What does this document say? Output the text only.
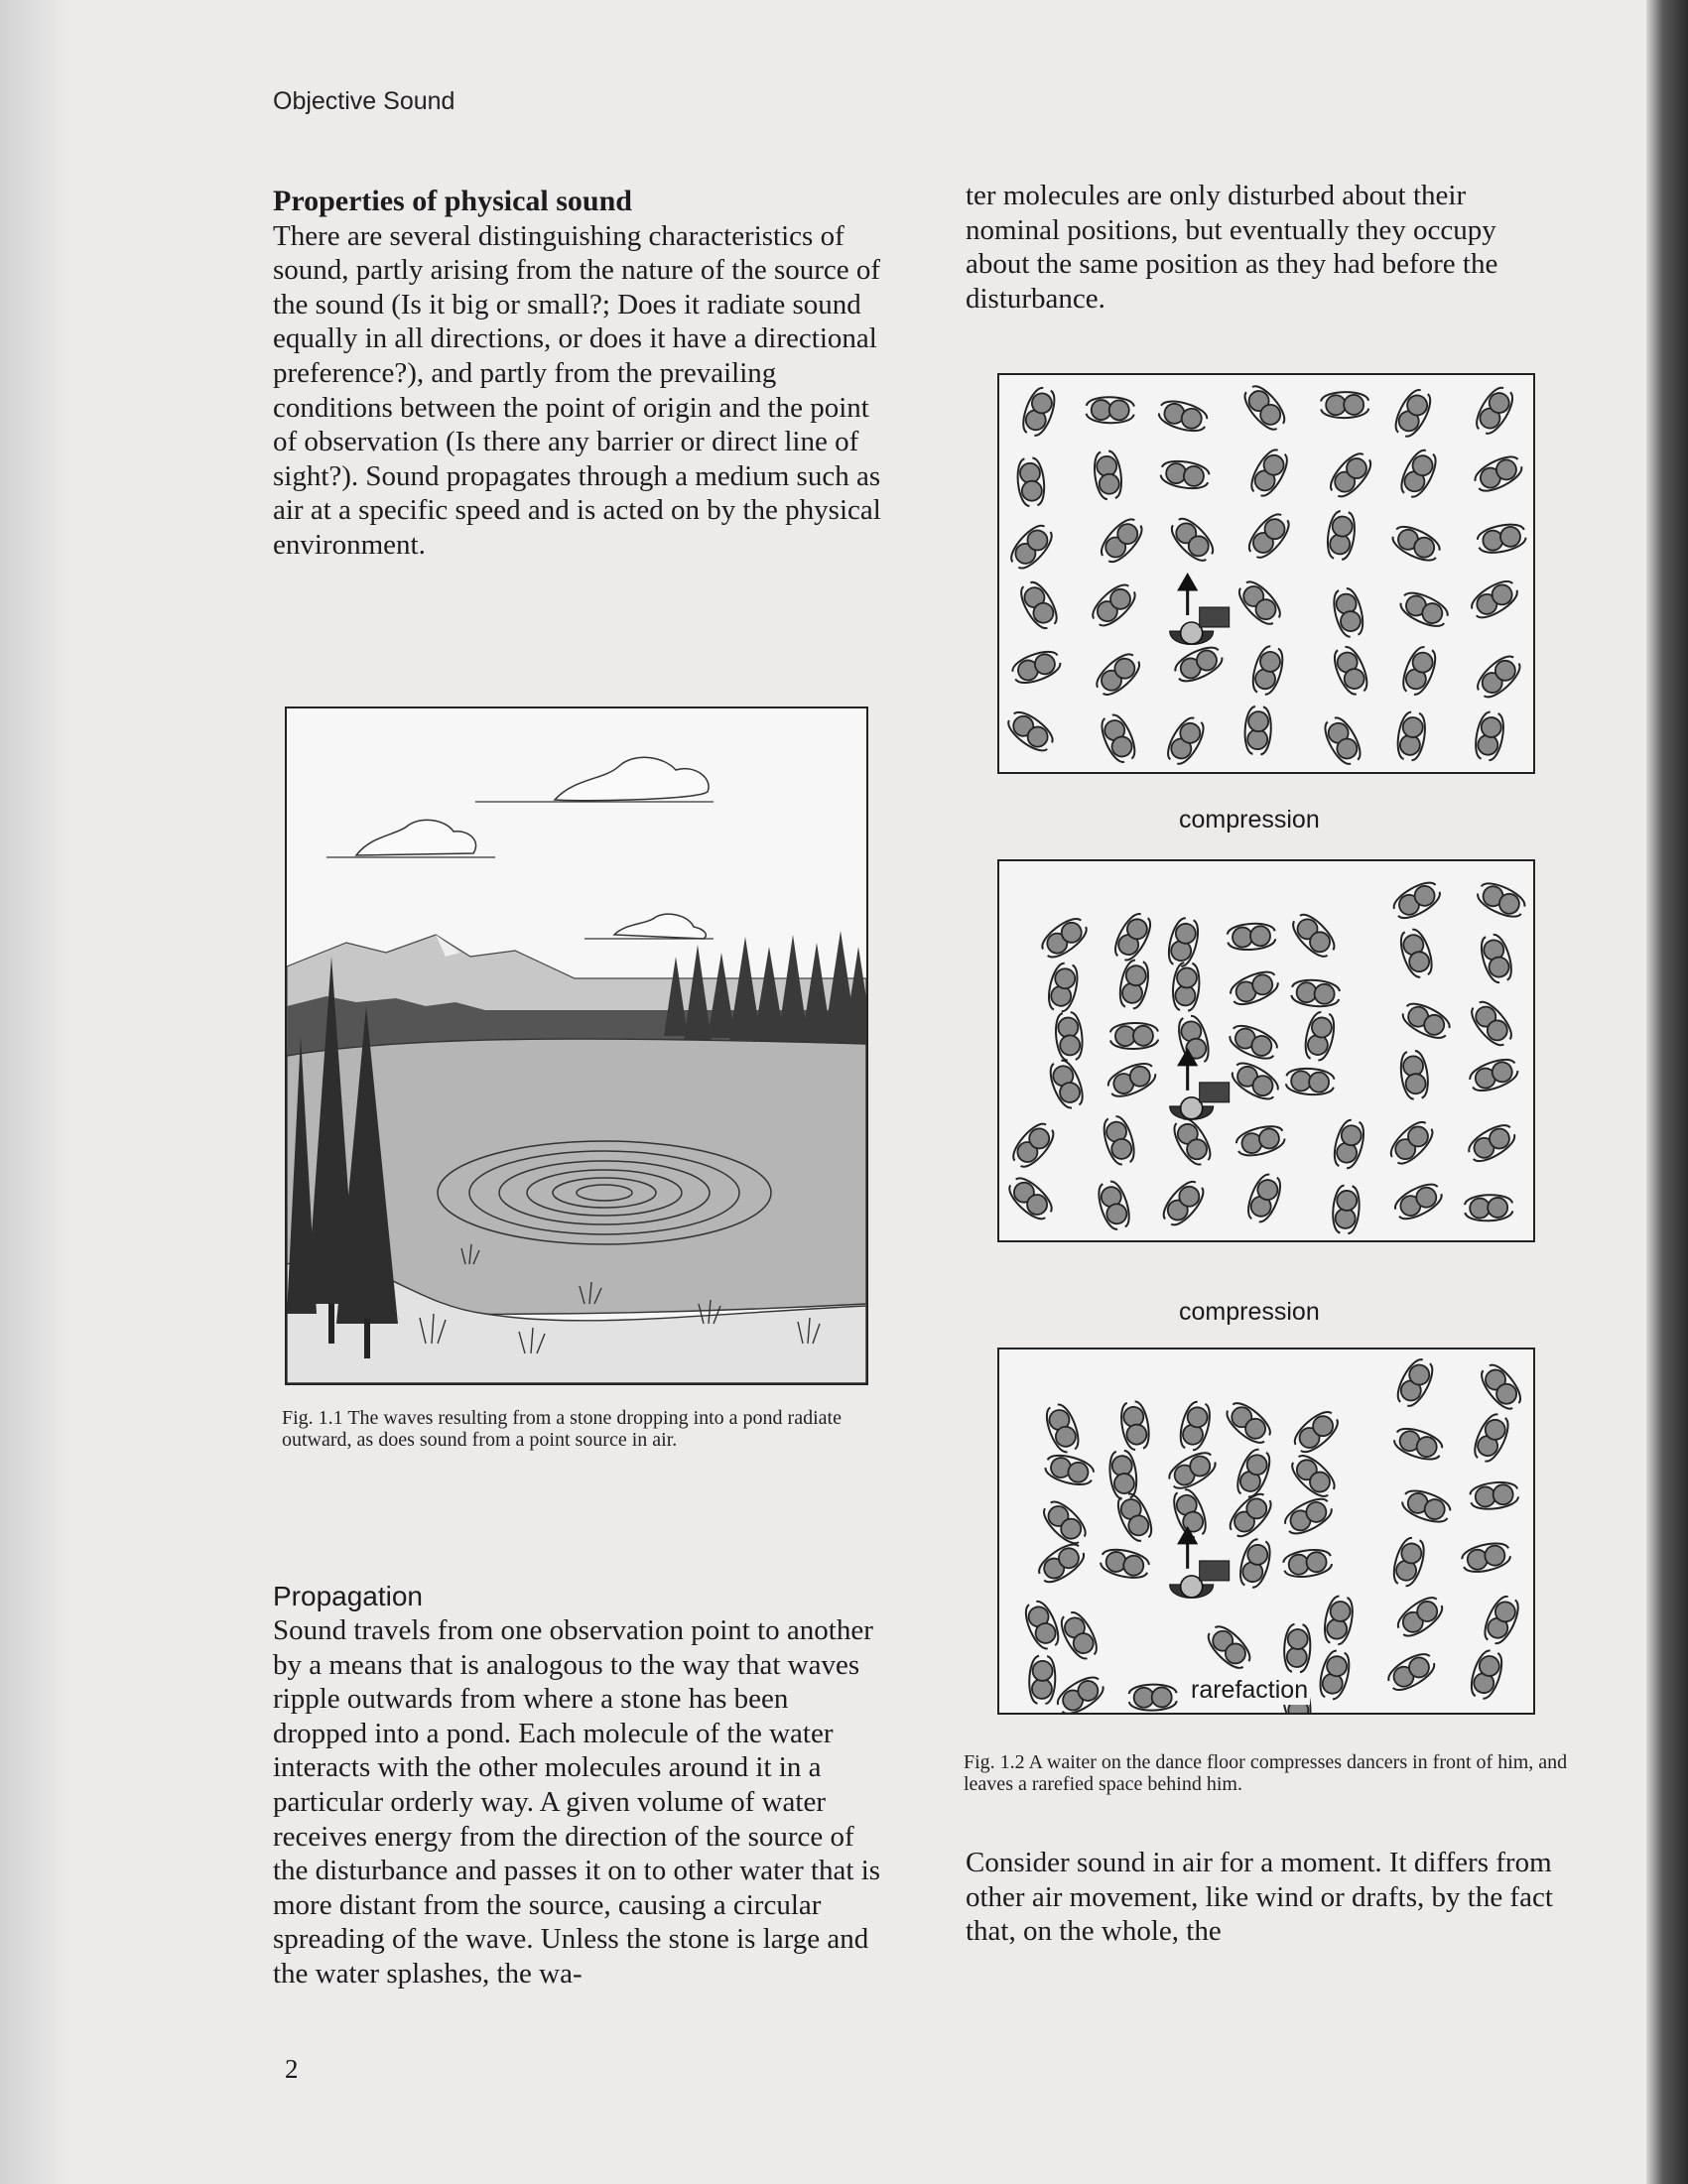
Objective Sound
Properties of physical sound

There are several distinguishing characteristics of sound, partly arising from the nature of the source of the sound (Is it big or small?; Does it radiate sound equally in all directions, or does it have a directional preference?), and partly from the prevailing conditions between the point of origin and the point of observation (Is there any barrier or direct line of sight?). Sound propagates through a medium such as air at a specific speed and is acted on by the physical environment.

Fig. 1.1 The waves resulting from a stone dropping into a pond radiate outward, as does sound from a point source in air.
Propagation

Sound travels from one observation point to another by a means that is analogous to the way that waves ripple outwards from where a stone has been dropped into a pond. Each molecule of the water interacts with the other molecules around it in a particular orderly way. A given volume of water receives energy from the direction of the source of the disturbance and passes it on to other water that is more distant from the source, causing a circular spreading of the wave. Unless the stone is large and the water splashes, the wa-

ter molecules are only disturbed about their nominal positions, but eventually they occupy about the same position as they had before the disturbance.

compression
compression
rarefaction
Fig. 1.2 A waiter on the dance floor compresses dancers in front of him, and leaves a rarefied space behind him.

Consider sound in air for a moment. It differs from other air movement, like wind or drafts, by the fact that, on the whole, the

2
